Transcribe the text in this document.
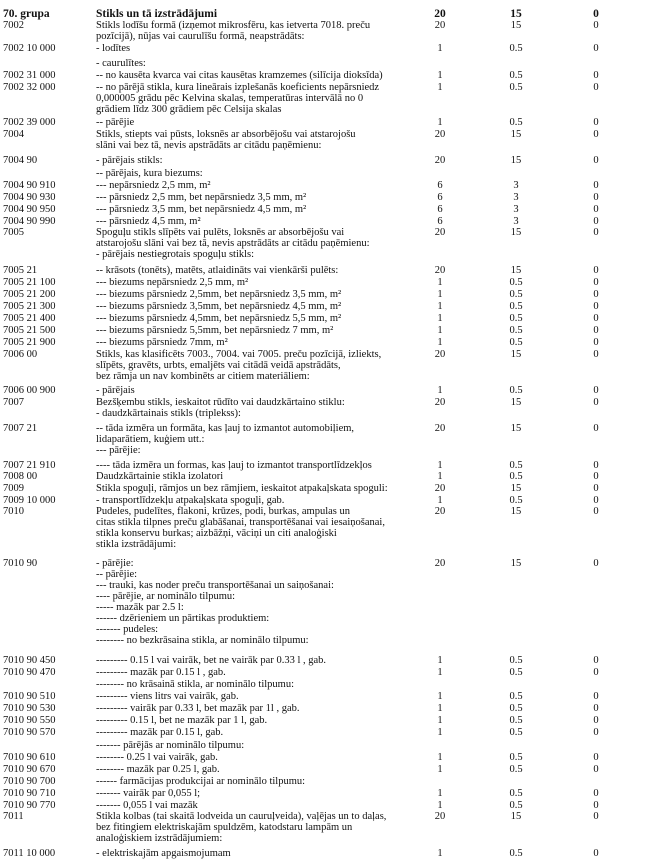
70. grupa	Stikls un tā izstrādājumi	20	15	0
7002	Stikls lodīšu formā (izņemot mikrosfēru, kas ietverta 7018. preču
pozīcijā), nūjas vai caurulīšu formā, neapstrādāts:
20	15	0
7002 10 000	- lodītes	1	0.5	0
- caurulītes:
7002 31 000	-- no kausēta kvarca vai citas kausētas kramzemes (silīcija dioksīda)	1	0.5	0
7002 32 000	-- no pārējā stikla, kura lineārais izplešanās koeficients nepārsniedz
0,000005 grādu pēc Kelvina skalas, temperatūras intervālā no 0
grādiem līdz 300 grādiem pēc Celsija skalas
1	0.5	0
7002 39 000	-- pārējie	1	0.5	0
7004	Stikls, stiepts vai pūsts, loksnēs ar absorbējošu vai atstarojošu
slāni vai bez tā, nevis apstrādāts ar citādu paņēmienu:
20	15	0
7004 90	- pārējais stikls:	20	15	0
-- pārējais, kura biezums:
7004 90 910	--- nepārsniedz 2,5 mm, m²	6	3	0
7004 90 930	--- pārsniedz 2,5 mm, bet nepārsniedz 3,5 mm, m²	6	3	0
7004 90 950	--- pārsniedz 3,5 mm, bet nepārsniedz 4,5 mm, m²	6	3	0
7004 90 990	--- pārsniedz 4,5 mm, m²	6	3	0
7005	Spoguļu stikls slīpēts vai pulēts, loksnēs ar absorbējošu vai
atstarojošu slāni vai bez tā, nevis apstrādāts ar citādu paņēmienu:
- pārējais nestiegrotais spoguļu stikls:
20	15	0
7005 21	-- krāsots (tonēts), matēts, atlaidināts vai vienkārši pulēts:	20	15	0
7005 21 100	--- biezums nepārsniedz 2,5 mm, m²	1	0.5	0
7005 21 200	--- biezums pārsniedz 2,5mm, bet nepārsniedz 3,5 mm, m²	1	0.5	0
7005 21 300	--- biezums pārsniedz 3,5mm, bet nepārsniedz 4,5 mm, m²	1	0.5	0
7005 21 400	--- biezums pārsniedz 4,5mm, bet nepārsniedz 5,5 mm, m²	1	0.5	0
7005 21 500	--- biezums pārsniedz 5,5mm, bet nepārsniedz 7 mm, m²	1	0.5	0
7005 21 900	--- biezums pārsniedz 7mm, m²	1	0.5	0
7006 00	Stikls, kas klasificēts 7003., 7004. vai 7005. preču pozīcijā, izliekts,
slīpēts, gravēts, urbts, emaljēts vai citādā veidā apstrādāts,
bez rāmja un nav kombinēts ar citiem materiāliem:
20	15	0
7006 00 900	- pārējais	1	0.5	0
7007	Bezšķembu stikls, ieskaitot rūdīto vai daudzkārtaino stiklu:
- daudzkārtainais stikls (triplekss):
20	15	0
7007 21	-- tāda izmēra un formāta, kas ļauj to izmantot automobiļiem,
lidaparātiem, kuģiem utt.:
--- pārējie:
20	15	0
7007 21 910	---- tāda izmēra un formas, kas ļauj to izmantot transportlīdzekļos	1	0.5	0
7008 00	Daudzkārtainie stikla izolatori	1	0.5	0
7009	Stikla spoguļi, rāmjos un bez rāmjiem, ieskaitot atpakaļskata spoguli:	20	15	0
7009 10 000	- transportlīdzekļu atpakaļskata spoguļi, gab.	1	0.5	0
7010	Pudeles, pudelītes, flakoni, krūzes, podi, burkas, ampulas un
citas stikla tilpnes preču glabāšanai, transportēšanai vai iesaiņošanai,
stikla konservu burkas; aizbāžņi, vāciņi un citi analoģiski
stikla izstrādājumi:
20	15	0
7010 90	- pārējie:
-- pārējie:
--- trauki, kas noder preču transportēšanai un saiņošanai:
---- pārējie, ar nominālo tilpumu:
----- mazāk par 2.5 l:
------ dzērieniem un pārtikas produktiem:
------- pudeles:
-------- no bezkrāsaina stikla, ar nominālo tilpumu:
20	15	0
7010 90 450	--------- 0.15 l vai vairāk, bet ne vairāk par 0.33 l , gab.	1	0.5	0
7010 90 470	--------- mazāk par 0.15 l , gab.	1	0.5	0
-------- no krāsainā stikla, ar nominālo tilpumu:
7010 90 510	--------- viens litrs vai vairāk, gab.	1	0.5	0
7010 90 530	--------- vairāk par 0.33 l, bet mazāk par 1l , gab.	1	0.5	0
7010 90 550	--------- 0.15 l, bet ne mazāk par 1 l, gab.	1	0.5	0
7010 90 570	--------- mazāk par 0.15 l, gab.	1	0.5	0
------- pārējās ar nominālo tilpumu:
7010 90 610	-------- 0.25 l vai vairāk, gab.	1	0.5	0
7010 90 670	-------- mazāk par 0.25 l, gab.	1	0.5	0
7010 90 700	------ farmācijas produkcijai ar nominālo tilpumu:
7010 90 710	------- vairāk par 0,055 l;	1	0.5	0
7010 90 770	------- 0,055 l vai mazāk	1	0.5	0
7011	Stikla kolbas (tai skaitā lodveida un cauruļveida), vaļējas un to daļas,
bez fitingiem elektriskajām spuldzēm, katodstaru lampām un
analoģiskiem izstrādājumiem:
20	15	0
7011 10 000	- elektriskajām apgaismojumam	1	0.5	0
